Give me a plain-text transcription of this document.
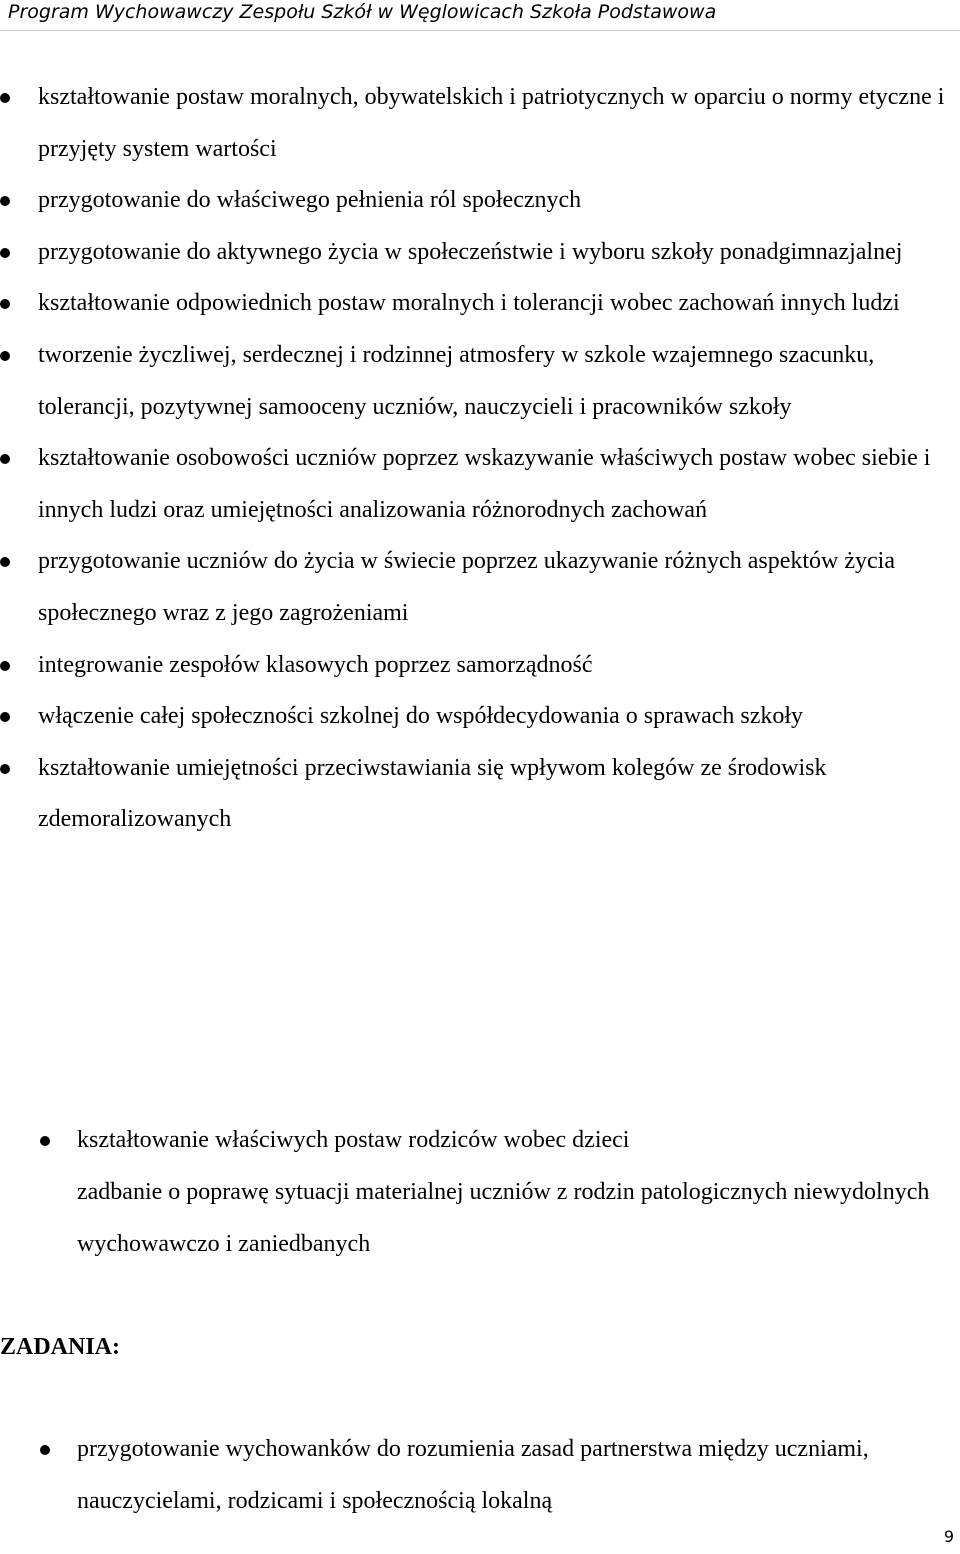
Program Wychowawczy Zespołu Szkół w Węglowicach Szkoła Podstawowa
kształtowanie postaw moralnych, obywatelskich i patriotycznych w oparciu o normy etyczne i przyjęty system wartości
przygotowanie do właściwego pełnienia ról społecznych
przygotowanie do aktywnego życia w społeczeństwie i wyboru szkoły ponadgimnazjalnej
kształtowanie odpowiednich postaw moralnych i tolerancji wobec zachowań innych ludzi
tworzenie życzliwej, serdecznej i rodzinnej atmosfery w szkole wzajemnego szacunku, tolerancji, pozytywnej samooceny uczniów, nauczycieli i pracowników szkoły
kształtowanie osobowości uczniów poprzez wskazywanie właściwych postaw wobec siebie i innych ludzi oraz umiejętności analizowania różnorodnych zachowań
przygotowanie uczniów do życia w świecie poprzez ukazywanie różnych aspektów życia społecznego wraz z jego zagrożeniami
integrowanie zespołów klasowych poprzez samorządność
włączenie całej społeczności szkolnej do współdecydowania o sprawach szkoły
kształtowanie umiejętności przeciwstawiania się wpływom kolegów ze środowisk zdemoralizowanych
kształtowanie właściwych postaw rodziców wobec dzieci
zadbanie o poprawę sytuacji materialnej uczniów z rodzin patologicznych niewydolnych wychowawczo i zaniedbanych
ZADANIA:
przygotowanie wychowanków do rozumienia zasad partnerstwa między uczniami, nauczycielami, rodzicami i społecznością lokalną
9
